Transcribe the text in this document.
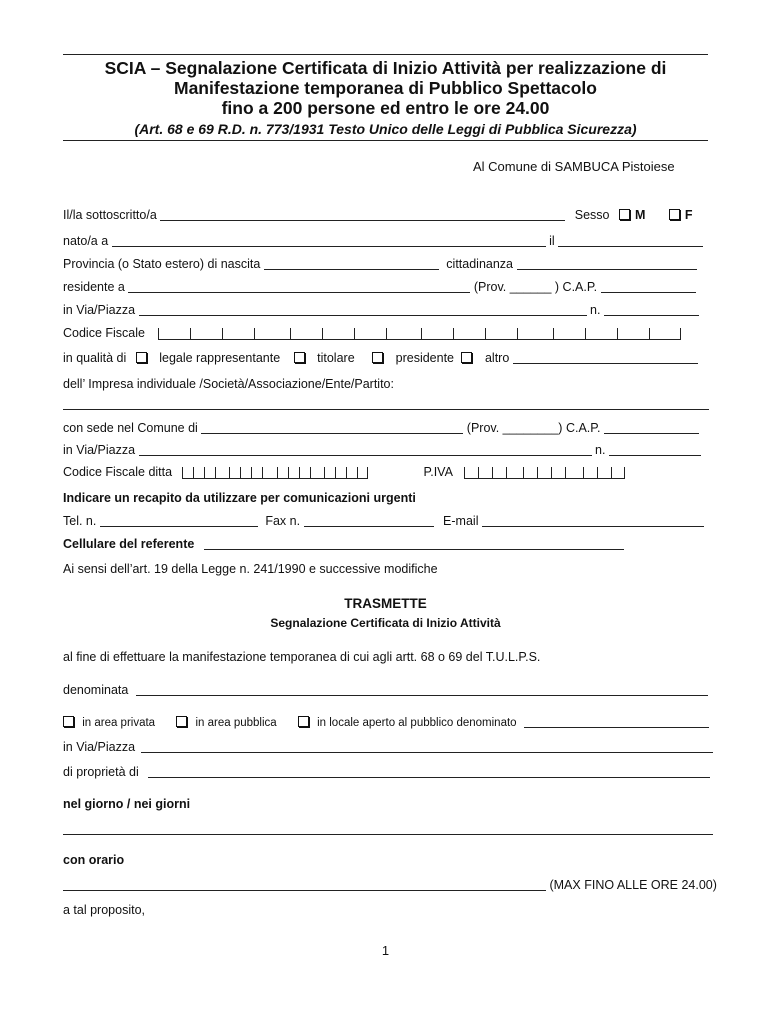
SCIA – Segnalazione Certificata di Inizio Attività per realizzazione di
Manifestazione temporanea di Pubblico Spettacolo
fino a 200 persone ed entro le ore 24.00
(Art. 68 e 69 R.D. n. 773/1931 Testo Unico delle Leggi di Pubblica Sicurezza)
Al Comune di SAMBUCA Pistoiese
Il/la sottoscritto/a	Sesso M	F
nato/a a	il
Provincia (o Stato estero) di nascita	cittadinanza
residente a	(Prov. ______ ) C.A.P.
in Via/Piazza	n.
Codice Fiscale
in qualità di	legale rappresentante	titolare	presidente altro
dell’ Impresa individuale /Società/Associazione/Ente/Partito:
con sede nel Comune di	(Prov. ________) C.A.P.
in Via/Piazza	n.
Codice Fiscale ditta	P.IVA
Indicare un recapito da utilizzare per comunicazioni urgenti
Tel. n.	Fax n.	E-mail
Cellulare del referente
Ai sensi dell’art. 19 della Legge n. 241/1990 e successive modifiche
TRASMETTE
Segnalazione Certificata di Inizio Attività
al fine di effettuare la manifestazione temporanea di cui agli artt. 68 o 69 del T.U.L.P.S.
denominata
in area privata	in area pubblica	in locale aperto al pubblico denominato
in Via/Piazza
di proprietà di
nel giorno / nei giorni
con orario
(MAX FINO ALLE ORE 24.00)
a tal proposito,
1
